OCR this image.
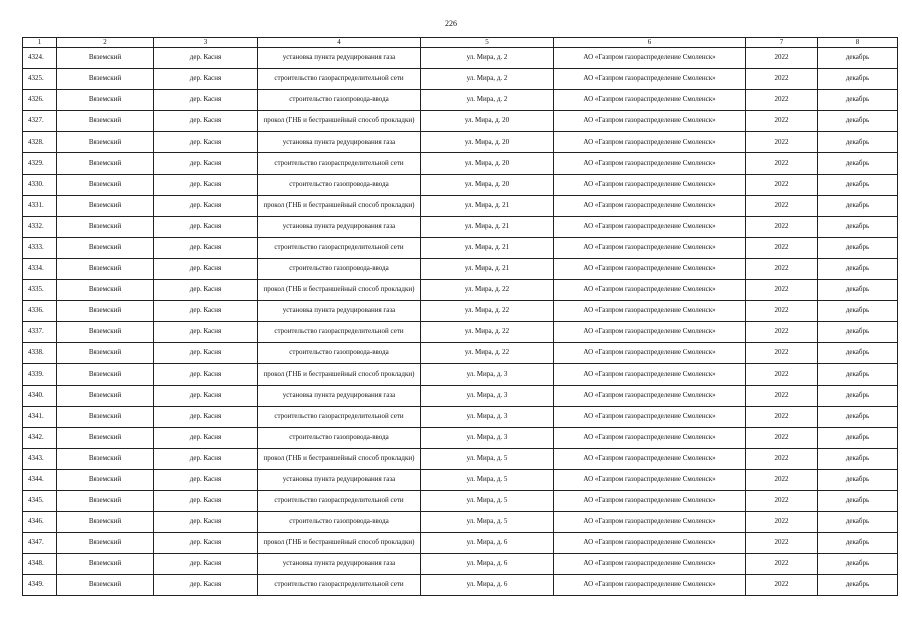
226
1	2	3	4	5	6	7	8
4324.	Вяземский	дер. Касня	установка пункта редуцирования газа	ул. Мира, д. 2	АО «Газпром газораспределение Смоленск»	2022	декабрь
4325.	Вяземский	дер. Касня	строительство газораспределительной сети	ул. Мира, д. 2	АО «Газпром газораспределение Смоленск»	2022	декабрь
4326.	Вяземский	дер. Касня	строительство газопровода-ввода	ул. Мира, д. 2	АО «Газпром газораспределение Смоленск»	2022	декабрь
4327.	Вяземский	дер. Касня	прокол (ГНБ и бестраншейный способ прокладки)	ул. Мира, д. 20	АО «Газпром газораспределение Смоленск»	2022	декабрь
4328.	Вяземский	дер. Касня	установка пункта редуцирования газа	ул. Мира, д. 20	АО «Газпром газораспределение Смоленск»	2022	декабрь
4329.	Вяземский	дер. Касня	строительство газораспределительной сети	ул. Мира, д. 20	АО «Газпром газораспределение Смоленск»	2022	декабрь
4330.	Вяземский	дер. Касня	строительство газопровода-ввода	ул. Мира, д. 20	АО «Газпром газораспределение Смоленск»	2022	декабрь
4331.	Вяземский	дер. Касня	прокол (ГНБ и бестраншейный способ прокладки)	ул. Мира, д. 21	АО «Газпром газораспределение Смоленск»	2022	декабрь
4332.	Вяземский	дер. Касня	установка пункта редуцирования газа	ул. Мира, д. 21	АО «Газпром газораспределение Смоленск»	2022	декабрь
4333.	Вяземский	дер. Касня	строительство газораспределительной сети	ул. Мира, д. 21	АО «Газпром газораспределение Смоленск»	2022	декабрь
4334.	Вяземский	дер. Касня	строительство газопровода-ввода	ул. Мира, д. 21	АО «Газпром газораспределение Смоленск»	2022	декабрь
4335.	Вяземский	дер. Касня	прокол (ГНБ и бестраншейный способ прокладки)	ул. Мира, д. 22	АО «Газпром газораспределение Смоленск»	2022	декабрь
4336.	Вяземский	дер. Касня	установка пункта редуцирования газа	ул. Мира, д. 22	АО «Газпром газораспределение Смоленск»	2022	декабрь
4337.	Вяземский	дер. Касня	строительство газораспределительной сети	ул. Мира, д. 22	АО «Газпром газораспределение Смоленск»	2022	декабрь
4338.	Вяземский	дер. Касня	строительство газопровода-ввода	ул. Мира, д. 22	АО «Газпром газораспределение Смоленск»	2022	декабрь
4339.	Вяземский	дер. Касня	прокол (ГНБ и бестраншейный способ прокладки)	ул. Мира, д. 3	АО «Газпром газораспределение Смоленск»	2022	декабрь
4340.	Вяземский	дер. Касня	установка пункта редуцирования газа	ул. Мира, д. 3	АО «Газпром газораспределение Смоленск»	2022	декабрь
4341.	Вяземский	дер. Касня	строительство газораспределительной сети	ул. Мира, д. 3	АО «Газпром газораспределение Смоленск»	2022	декабрь
4342.	Вяземский	дер. Касня	строительство газопровода-ввода	ул. Мира, д. 3	АО «Газпром газораспределение Смоленск»	2022	декабрь
4343.	Вяземский	дер. Касня	прокол (ГНБ и бестраншейный способ прокладки)	ул. Мира, д. 5	АО «Газпром газораспределение Смоленск»	2022	декабрь
4344.	Вяземский	дер. Касня	установка пункта редуцирования газа	ул. Мира, д. 5	АО «Газпром газораспределение Смоленск»	2022	декабрь
4345.	Вяземский	дер. Касня	строительство газораспределительной сети	ул. Мира, д. 5	АО «Газпром газораспределение Смоленск»	2022	декабрь
4346.	Вяземский	дер. Касня	строительство газопровода-ввода	ул. Мира, д. 5	АО «Газпром газораспределение Смоленск»	2022	декабрь
4347.	Вяземский	дер. Касня	прокол (ГНБ и бестраншейный способ прокладки)	ул. Мира, д. 6	АО «Газпром газораспределение Смоленск»	2022	декабрь
4348.	Вяземский	дер. Касня	установка пункта редуцирования газа	ул. Мира, д. 6	АО «Газпром газораспределение Смоленск»	2022	декабрь
4349.	Вяземский	дер. Касня	строительство газораспределительной сети	ул. Мира, д. 6	АО «Газпром газораспределение Смоленск»	2022	декабрь
